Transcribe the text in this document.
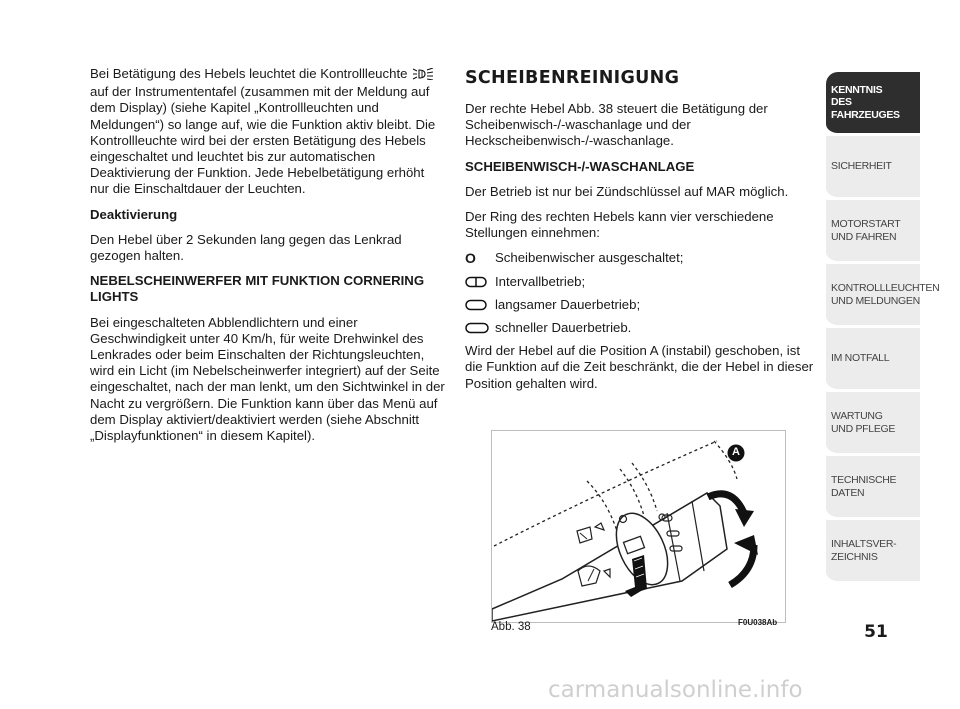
Bei Betätigung des Hebels leuchtet die Kontrollleuchte  auf der Instrumententafel (zusammen mit der Meldung auf dem Display) (siehe Kapitel „Kontrollleuchten und Meldungen“) so lange auf, wie die Funktion aktiv bleibt. Die Kontrollleuchte wird bei der ersten Betätigung des Hebels eingeschaltet und leuchtet bis zur automatischen Deaktivierung der Funktion. Jede Hebelbetätigung erhöht nur die Einschaltdauer der Leuchten.

Deaktivierung

Den Hebel über 2 Sekunden lang gegen das Lenkrad gezogen halten.

NEBELSCHEINWERFER MIT FUNKTION CORNERING LIGHTS

Bei eingeschalteten Abblendlichtern und einer Geschwindigkeit unter 40 Km/h, für weite Drehwinkel des Lenkrades oder beim Einschalten der Richtungsleuchten, wird ein Licht (im Nebelscheinwerfer integriert) auf der Seite eingeschaltet, nach der man lenkt, um den Sichtwinkel in der Nacht zu vergrößern. Die Funktion kann über das Menü auf dem Display aktiviert/deaktiviert werden (siehe Abschnitt „Displayfunktionen“ in diesem Kapitel).

SCHEIBENREINIGUNG

Der rechte Hebel Abb. 38 steuert die Betätigung der Scheibenwisch-/-waschanlage und der Heckscheibenwisch-/-waschanlage.

SCHEIBENWISCH-/-WASCHANLAGE

Der Betrieb ist nur bei Zündschlüssel auf MAR möglich.

Der Ring des rechten Hebels kann vier verschiedene Stellungen einnehmen:

O	Scheibenwischer ausgeschaltet;
Intervallbetrieb;
langsamer Dauerbetrieb;
schneller Dauerbetrieb.

Wird der Hebel auf die Position A (instabil) geschoben, ist die Funktion auf die Zeit beschränkt, die der Hebel in dieser Position gehalten wird.

A
Abb. 38	F0U038Ab
KENNTNIS
DES FAHRZEUGES
SICHERHEIT
MOTORSTART
UND FAHREN
KONTROLLLEUCHTEN
UND MELDUNGEN
IM NOTFALL
WARTUNG
UND PFLEGE
TECHNISCHE
DATEN
INHALTSVER-
ZEICHNIS
51
carmanualsonline.info
